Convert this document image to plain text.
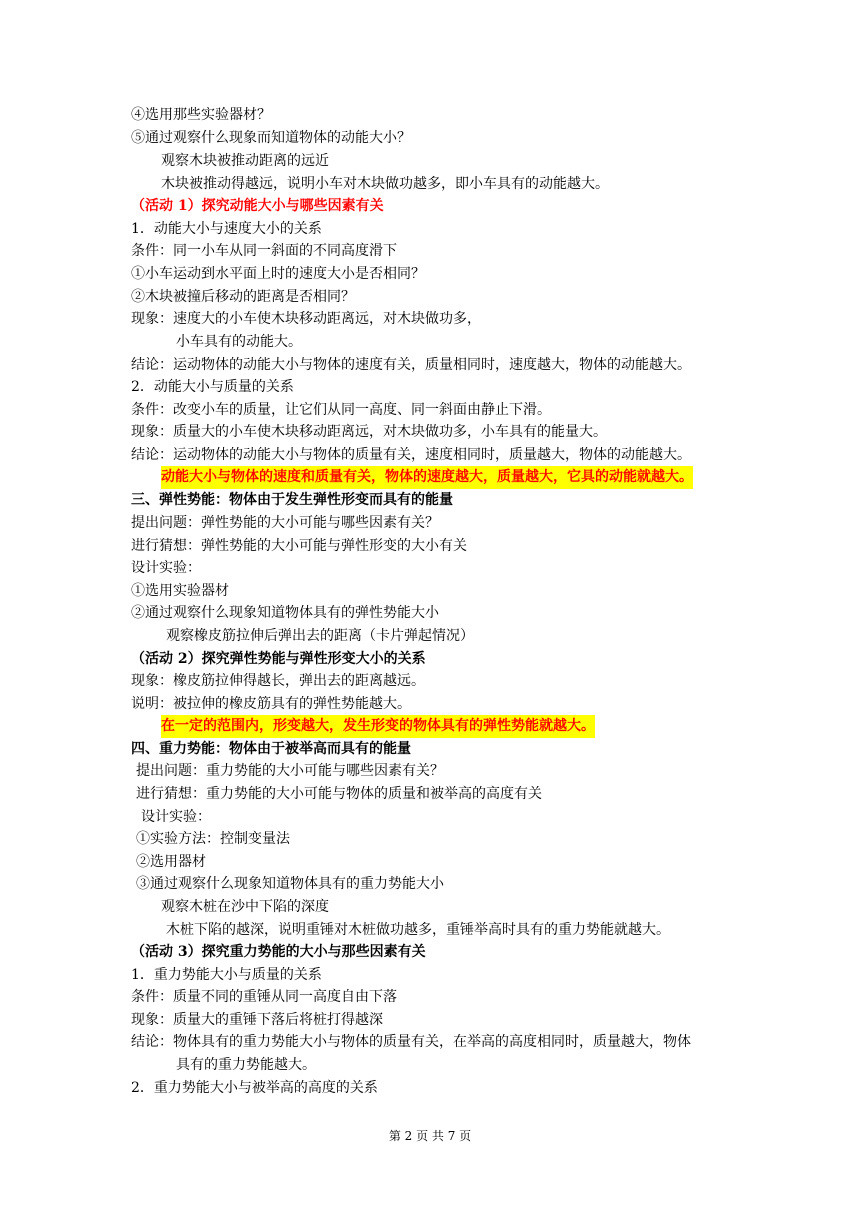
④选用那些实验器材？
⑤通过观察什么现象而知道物体的动能大小？
观察木块被推动距离的远近
木块被推动得越远，说明小车对木块做功越多，即小车具有的动能越大。
（活动 1）探究动能大小与哪些因素有关
1．动能大小与速度大小的关系
条件：同一小车从同一斜面的不同高度滑下
①小车运动到水平面上时的速度大小是否相同？
②木块被撞后移动的距离是否相同？
现象：速度大的小车使木块移动距离远，对木块做功多，
小车具有的动能大。
结论：运动物体的动能大小与物体的速度有关，质量相同时，速度越大，物体的动能越大。
2．动能大小与质量的关系
条件：改变小车的质量，让它们从同一高度、同一斜面由静止下滑。
现象：质量大的小车使木块移动距离远，对木块做功多，小车具有的能量大。
结论：运动物体的动能大小与物体的质量有关，速度相同时，质量越大，物体的动能越大。
动能大小与物体的速度和质量有关，物体的速度越大，质量越大，它具的动能就越大。
三、弹性势能：物体由于发生弹性形变而具有的能量
提出问题：弹性势能的大小可能与哪些因素有关？
进行猜想：弹性势能的大小可能与弹性形变的大小有关
设计实验：
①选用实验器材
②通过观察什么现象知道物体具有的弹性势能大小
观察橡皮筋拉伸后弹出去的距离（卡片弹起情况）
（活动 2）探究弹性势能与弹性形变大小的关系
现象：橡皮筋拉伸得越长，弹出去的距离越远。
说明：被拉伸的橡皮筋具有的弹性势能越大。
在一定的范围内，形变越大，发生形变的物体具有的弹性势能就越大。
四、重力势能：物体由于被举高而具有的能量
提出问题：重力势能的大小可能与哪些因素有关？
进行猜想：重力势能的大小可能与物体的质量和被举高的高度有关
设计实验：
①实验方法：控制变量法
②选用器材
③通过观察什么现象知道物体具有的重力势能大小
观察木桩在沙中下陷的深度
木桩下陷的越深，说明重锤对木桩做功越多，重锤举高时具有的重力势能就越大。
（活动 3）探究重力势能的大小与那些因素有关
1．重力势能大小与质量的关系
条件：质量不同的重锤从同一高度自由下落
现象：质量大的重锤下落后将桩打得越深
结论：物体具有的重力势能大小与物体的质量有关，在举高的高度相同时，质量越大，物体
具有的重力势能越大。
2．重力势能大小与被举高的高度的关系
第 2 页 共 7 页
